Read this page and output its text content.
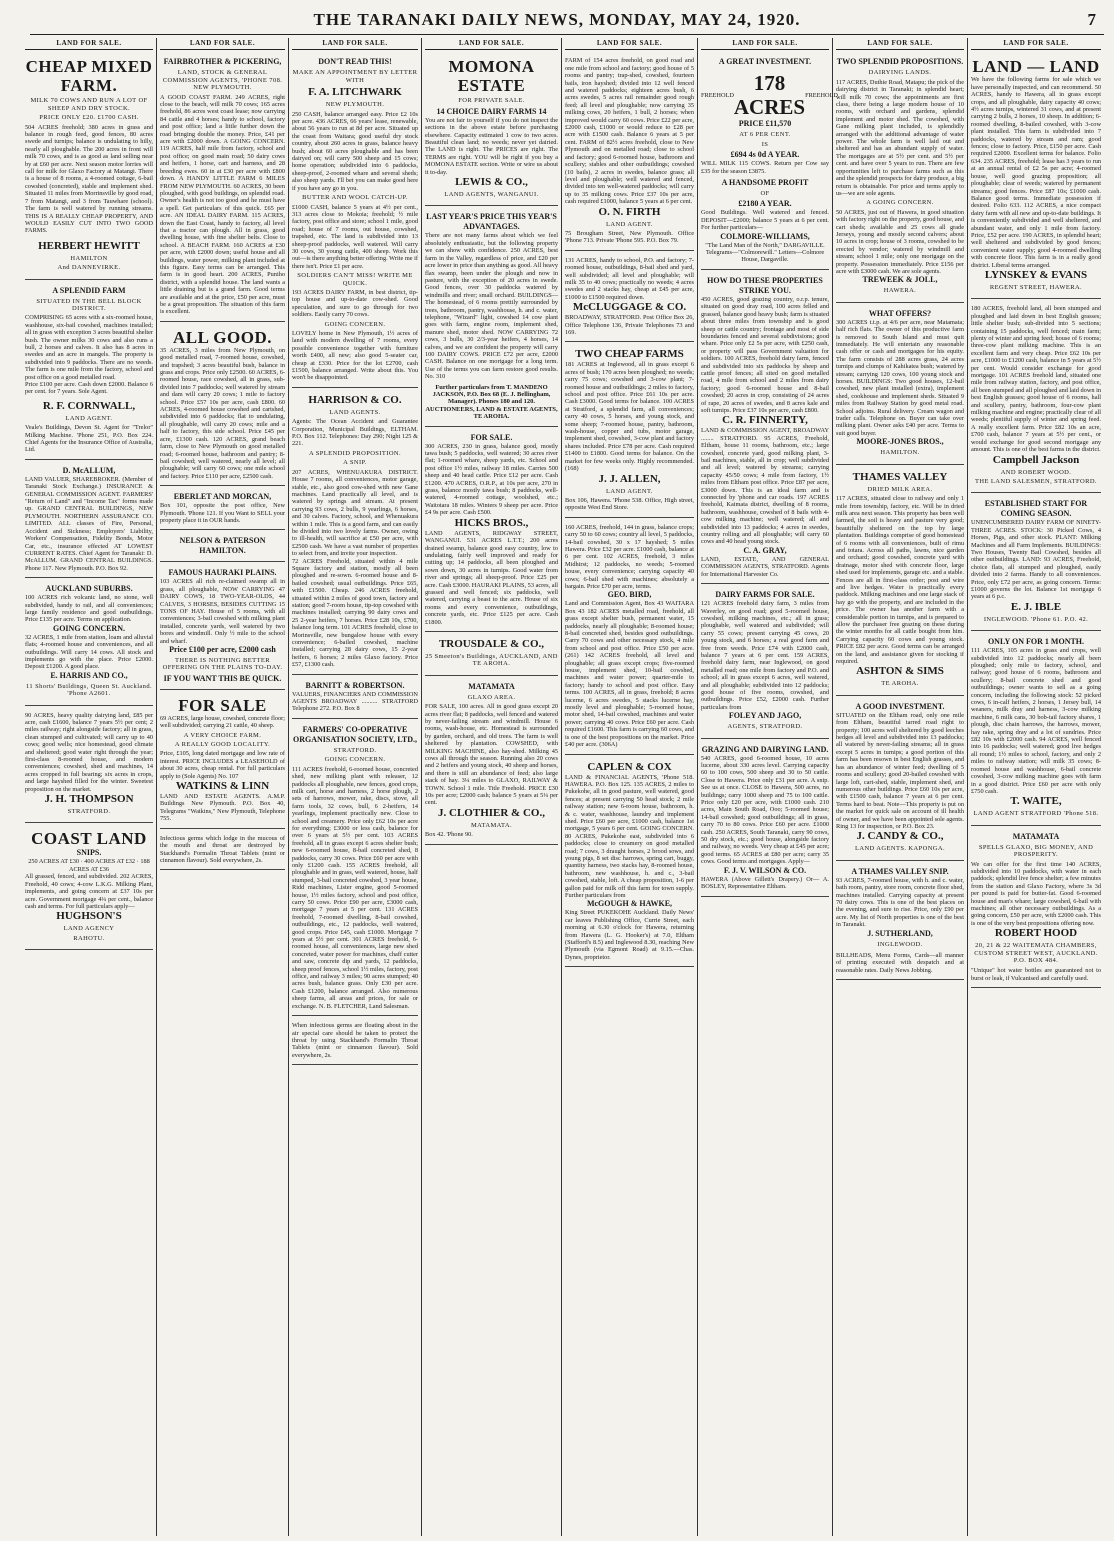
THE TARANAKI DAILY NEWS, MONDAY, MAY 24, 1920.	7
LAND FOR SALE.
CHEAP MIXED FARM.
MILK 70 COWS AND RUN A LOT OF SHEEP AND DRY STOCK.
PRICE ONLY £20. £1700 CASH.
504 ACRES freehold; 380 acres in grass and balance in rough feed, good fences, 80 acres swede and turnips; balance is undulating to hilly, nearly all ploughable. The 200 acres in front will milk 70 cows, and is as good as land selling near by at £60 per acre. Next season motor lorries will call for milk for Glaxo Factory at Matangi. There is a house of 8 rooms, a 4-roomed cottage, 6-bail cowshed (concreted), stable and implement shed. Situated 11 miles from Morrinsville by good road, 7 from Matangi, and 3 from Tauwhare (school). The farm is well watered by running streams. THIS IS A REALLY CHEAP PROPERTY, AND WOULD EASILY CUT INTO TWO GOOD FARMS.
HERBERT HEWITT
HAMILTON
And DANNEVIRKE.
A SPLENDID FARM
SITUATED IN THE BELL BLOCK DISTRICT.
COMPRISING 65 acres with a six-roomed house, washhouse, six-bail cowshed, machines installed; all in grass with exception 3 acres beautiful shelter bush. The owner milks 30 cows and also runs a bull, 2 horses and calves. It also has 8 acres in swedes and an acre in mangels. The property is subdivided into 9 paddocks. There are no weeds. The farm is one mile from the factory, school and post office on a good metalled road.
Price £100 per acre. Cash down £2000. Balance 6 per cent. for 7 years. Sole Agent.
R. F. CORNWALL,
LAND AGENT.
Veale's Buildings, Devon St. Agent for "Trelor" Milking Machine. 'Phone 251, P.O. Box 224. Chief Agents for the Insurance Office of Australia, Ltd.
D. McALLUM,
LAND VALUER, SHAREBROKER. (Member of Taranaki Stock Exchange.) INSURANCE & GENERAL COMMISSION AGENT. FARMERS' "Return of Land" and "Income Tax" forms made up. GRAND CENTRAL BUILDINGS, NEW PLYMOUTH. NORTHERN ASSURANCE CO. LIMITED. ALL classes of Fire, Personal, Accident and Sickness; Employers' Liability, Workers' Compensation, Fidelity Bonds, Motor Car, etc., insurance effected AT LOWEST CURRENT RATES. Chief Agent for Taranaki: D. McALLUM. GRAND CENTRAL BUILDINGS. Phone 117. New Plymouth. P.O. Box 92.
AUCKLAND SUBURBS.
100 ACRES rich volcanic land, no stone, well subdivided, handy to rail, and all conveniences; large family residence and good outbuildings. Price £135 per acre. Terms on application.
GOING CONCERN.
32 ACRES, 1 mile from station, loam and alluvial flats; 4-roomed house and conveniences, and all outbuildings. Will carry 14 cows. All stock and implements go with the place. Price £2000. Deposit £1200. A good place.
E. HARRIS AND CO.,
11 Shorts' Buildings, Queen St. Auckland. 'Phone A2601.
90 ACRES, heavy quality dairying land, £85 per acre, cash £1600, balance 7 years 5½ per cent; 2 miles railway; right alongside factory; all in grass, clean stumped and cultivated; will carry up to 40 cows; good wells; nice homestead, good climate and sheltered; good water right through the year; first-class 8-roomed house, and modern conveniences; cowshed, shed and machines, 14 acres cropped in full bearing; six acres in crops, and large hayshed filled for the winter. Sweetest proposition on the market.
J. H. THOMPSON
STRATFORD.
COAST LAND
SNIPS.
250 ACRES AT £30 · 400 ACRES AT £32 · 188 ACRES AT £36
All grassed, fenced, and subdivided. 202 ACRES, Freehold, 40 cows; 4-cow L.K.G. Milking Plant, implements, and going concern at £37 10s per acre. Government mortgage 4¼ per cent., balance cash and terms. For full particulars apply—
HUGHSON'S
LAND AGENCY
RAHOTU.
LAND FOR SALE.
FAIRBROTHER & PICKERING,
LAND, STOCK & GENERAL COMMISSION AGENTS, 'PHONE 708. NEW PLYMOUTH.
A GOOD COAST FARM. 249 ACRES, right close to the beach, will milk 70 cows; 165 acres freehold, 86 acres west coast lease; now carrying 84 cattle and 4 horses; handy to school, factory and post office; land a little further down the road bringing double the money. Price, £41 per acre with £2000 down. A GOING CONCERN. 119 ACRES, half mile from factory, school and post office; on good main road; 50 dairy cows and heifers, 1 horse, cart and harness, and 28 breeding ewes. 60 in at £30 per acre with £800 down. A HANDY LITTLE FARM 6 MILES FROM NEW PLYMOUTH. 60 ACRES, 30 been ploughed, with good buildings, on splendid road. Owner's health is not too good and he must have a spell. Get particulars of this quick. £65 per acre. AN IDEAL DAIRY FARM. 115 ACRES, down the East Coast, handy to factory, all level that a tractor can plough. All in grass, good dwelling house, with fine shelter belts. Close to school. A BEACH FARM. 160 ACRES at £30 per acre, with £2000 down; useful house and all buildings, water power, milking plant included at this figure. Easy terms can be arranged. This farm is in good heart. 200 ACRES, Puniho district, with a splendid house. The land wants a little draining but is a grand farm. Good terms are available and at the price, £50 per acre, must be a great proposition. The situation of this farm is excellent.
ALL GOOD.
35 ACRES, 3 miles from New Plymouth, on good metalled road, 7-roomed house, cowshed, and trapshed; 3 acres beautiful bush, balance in grass and crops. Price only £2500. 60 ACRES, 6-roomed house, race cowshed, all in grass, sub-divided into 7 paddocks; well watered by stream and dam will carry 20 cows; 1 mile to factory school. Price £57 10s per acre, cash £800. 60 ACRES, 4-roomed house cowshed and cartshed, subdivided into 6 paddocks; flat to undulating, all ploughable, will carry 20 cows; mile and a half to factory, this side school. Price £45 per acre, £1300 cash. 120 ACRES, grand beach farm, close to New Plymouth on good metalled road; 6-roomed house, bathroom and pantry; 8-bail cowshed; well watered, nearly all level; all ploughable; will carry 60 cows; one mile school and factory. Price £110 per acre, £2500 cash.
EBERLET AND MORCAN,
Box 101, opposite the post office, New Plymouth. 'Phone 121. If you Want to SELL your property place it in OUR hands.
NELSON & PATERSON
HAMILTON.
FAMOUS HAURAKI PLAINS.
103 ACRES all rich re-claimed swamp all in grass, all ploughable, NOW CARRYING 47 DAIRY COWS, 18 TWO-YEAR-OLDS, 44 CALVES, 3 HORSES, BESIDES CUTTING 15 TONS OF HAY. House of 5 rooms, with all conveniences; 3-bail cowshed with milking plant installed, concrete yards, well watered by two bores and windmill. Only ½ mile to the school and wharf.
Price £100 per acre, £2000 cash
THERE IS NOTHING BETTER OFFERING ON THE PLAINS TO-DAY.
IF YOU WANT THIS BE QUICK.
FOR SALE
69 ACRES, large house, cowshed, concrete floor; well subdivided; carrying 21 cattle, 40 sheep.
A VERY CHOICE FARM.
A REALLY GOOD LOCALITY.
Price, £105, long dated mortgage and low rate of interest. PRICE INCLUDES a LEASEHOLD of about 30 acres, cheap rental. For full particulars apply to (Sole Agents) No. 107
WATKINS & LINN
LAND AND ESTATE AGENTS. A.M.P. Buildings New Plymouth. P.O. Box 40, Telegrams "Watkins," New Plymouth, Telephone 755.
Infectious germs which lodge in the mucous of the mouth and throat are destroyed by Stackhand's Formalin Throat Tablets (mint or cinnamon flavour). Sold everywhere, 2s.
LAND FOR SALE.
DON'T READ THIS!
MAKE AN APPOINTMENT BY LETTER WITH
F. A. LITCHWARK
NEW PLYMOUTH.
250 CASH, balance arranged easy. Price £2 10s per acre. 436 ACRES, 66 years' lease, renewable, about 56 years to run at 8d per acre. Situated up the coast from Waitara; good useful dry stock country, about 260 acres in grass, balance heavy bush; about 60 acres ploughable and has been dairyed on; will carry 500 sheep and 15 cows; home operation; subdivided into 6 paddocks, sheep-proof, 2-roomed whare and several sheds; also sheep yards. I'll bet you can make good here if you have any go in you.
BUTTER AND WOOL CATCH-UP.
£1000 CASH, balance 5 years at 4½ per cent., 313 acres close to Mokoia; freehold; ½ mile factory, post office and store; school 1 mile, good road; house of 7 rooms, out house, cowshed, trapshed, etc. The land is subdivided into 13 sheep-proof paddocks, well watered. Will carry 30 cows, 30 young cattle, 400 sheep. Work this out—is there anything better offering. Write me if there isn't. Price £1 per acre.
SOLDIERS CAN'T MISS! WRITE ME QUICK.
193 ACRES DAIRY FARM, in best district, tip-top house and up-to-date cow-shed. Good speculation, and sure to go through for two soldiers. Easily carry 70 cows.
GOING CONCERN.
LOVELY home in New Plymouth, 1½ acres of land with modern dwelling of 7 rooms, every possible convenience together with furniture worth £400, all new; also good 5-seater car, cheap at £330. Price for the lot £2700, cash £1500, balance arranged. Write about this. You won't be disappointed.
HARRISON & CO.
LAND AGENTS.
Agents: The Ocean Accident and Guarantee Corporation, Municipal Buildings, ELTHAM. P.O. Box 112. Telephones: Day 290; Night 125 & 221.
A SPLENDID PROPOSITION.
A SNIP.
207 ACRES, WHENUAKURA DISTRICT. House 7 rooms, all conveniences, motor garage, stable, etc., also good cow-shed with new Gane machines. Land practically all level, and is watered by springs and stream. At present carrying 93 cows, 2 bulls, 9 yearlings, 6 horses, and 30 calves. Factory, school, and Whenuakura within 1 mile. This is a good farm, and can easily be divided into two lovely farms. Owner, owing to ill-health, will sacrifice at £50 per acre, with £2500 cash. We have a vast number of properties to select from, and invite your inspection.
72 ACRES Freehold, situated within 4 mile Square factory and station, mostly all been ploughed and re-sown. 6-roomed house and 8-bailed cowshed; usual outbuildings. Price £65, with £1500. Cheap. 246 ACRES freehold, situated within 2 miles of good town, factory and station; good 7-room house, tip-top cowshed with machines installed; carrying 90 dairy cows and 25 2-year heifers, 7 horses. Price £28 10s, £700, balance long term. 101 ACRES freehold, close to Morinsville, new bungalow house with every convenience; 6-bailed cowshed, machine installed; carrying 28 dairy cows, 15 2-year heifers, 6 horses; 2 miles Glaxo factory. Price £57, £1300 cash.
BARNITT & ROBERTSON.
VALUERS, FINANCIERS AND COMMISSION AGENTS BROADWAY .......... STRATFORD Telephone 272. P.O. Box 8
FARMERS' CO-OPERATIVE ORGANISATION SOCIETY, LTD.,
STRATFORD.
GOING CONCERN.
111 ACRES freehold, 6-roomed house, concreted shed, new milking plant with releaser, 12 paddocks all ploughable, new fences, good crops, milk cart, horse and harness, 2 horse plough, 2 sets of harrows, mower, rake, discs, stove, all farm tools, 32 cows, bull, 6 2-heifers, 14 yearlings, implement practically new. Close to school and creamery. Price only £62 10s per acre for everything; £3000 or less cash, balance for over 6 years at 5½ per cent. 103 ACRES freehold, all in grass except 6 acres shelter bush; new 6-roomed house, 8-bail concreted shed, 8 paddocks, carry 30 cows. Price £60 per acre with only £1200 cash. 155 ACRES freehold, all ploughable and in grass, well watered, house, half stumped, 3-bail concreted cowshed, 3 year house, Ridd machines, Lister engine, good 5-roomed house, 1½ miles factory, school and post office, carry 50 cows. Price £90 per acre, £3000 cash, mortgage 7 years at 5 per cent. 131 ACRES freehold, 7-roomed dwelling, 8-bail cowshed, outbuildings, etc., 12 paddocks, well watered, good crops. Price £45, cash £1000. Mortgage 7 years at 5½ per cent. 301 ACRES freehold, 6-roomed house, all conveniences, large new shed concreted, water power for machines, chaff cutter and saw, concrete dip and yards, 12 paddocks, sheep proof fences, school 1½ miles, factory, post office, and railway 3 miles; 90 acres stumped; 40 acres bush, balance grass. Only £30 per acre. Cash £1200, balance arranged. Also numerous sheep farms, all areas and prices, for sale or exchange. N. B. FLETCHER, Land Salesman.
When infectious germs are floating about in the air special care should be taken to protect the throat by using Stackhand's Formalin Throat Tablets (mint or cinnamon flavour). Sold everywhere, 2s.
LAND FOR SALE.
MOMONA ESTATE
FOR PRIVATE SALE.
14 CHOICE DAIRY FARMS 14
You are not fair to yourself if you do not inspect the sections in the above estate before purchasing elsewhere. Capacity estimated 1 cow to two acres. Beautiful clean land; no weeds; never yet dairied. The LAND is right. The PRICES are right. The TERMS are right. YOU will be right if you buy a MOMONA ESTATE section. Write or wire us about it to-day.
LEWIS & CO.,
LAND AGENTS, WANGANUI.
LAST YEAR'S PRICE THIS YEAR'S ADVANTAGES.
There are not many farms about which we feel absolutely enthusiastic, but the following property we can show with confidence. 250 ACRES, best farm in the Valley, regardless of price, and £20 per acre lower in price than anything as good. All heavy flax swamp, been under the plough and now in pasture, with the exception of 20 acres in swede. Good fences, over 30 paddocks watered by windmills and river; small orchard. BUILDINGS—The homestead, of 6 rooms prettily surrounded by trees, bathroom, pantry, washhouse, h. and c. water, telephone, "Wizard" light, cowshed 14 cow plant goes with farm, engine room, implement shed, manure shed, motor shed. NOW CARRYING 72 cows, 3 bulls, 30 2/3-year heifers, 4 horses, 14 calves, and we are confident the property will carry 100 DAIRY COWS. PRICE £72 per acre, £2000 CASH. Balance on one mortgage for a long term. Use of the terms you can farm restore good results. No. 310
Further particulars from T. MANDENO JACKSON, P.O. Box 68 (E. J. Bellingham, Manager). Phones 180 and 120. AUCTIONEERS, LAND & ESTATE AGENTS, TE AROHA.
FOR SALE.
300 ACRES, 230 in grass, balance good, mostly tawa bush; 5 paddocks, well watered; 30 acres river flat; 1-roomed whare, sheep yards, etc. School and post office 1½ miles, railway 18 miles. Carries 500 sheep and 40 head cattle. Price £12 per acre. Cash £1200. 470 ACRES, O.R.P., at 10s per acre, 270 in grass, balance mostly tawa bush; 8 paddocks, well-watered, 4-roomed cottage, woolshed, etc.; Waitotara 18 miles. Winters 9 sheep per acre. Price £4 9s per acre. Cash £500.
HICKS BROS.,
LAND AGENTS, RIDGWAY STREET, WANGANUI. 531 ACRES L.T.T.; 200 acres drained swamp, balance good easy country, low to undulating, fairly well improved and ready for cutting up; 14 paddocks, all been ploughed and sown down, 30 acres in turnips. Good water from river and springs; all sheep-proof. Price £25 per acre. Cash £3000. HAURAKI PLAINS, 53 acres, all grassed and well fenced; six paddocks, well watered, carrying a beast to the acre. House of six rooms and every convenience, outbuildings, concrete yards, etc. Price £125 per acre. Cash £1800.
TROUSDALE & CO.,
25 Smeeton's Buildings, AUCKLAND, AND TE AROHA.
MATAMATA
GLAXO AREA.
FOR SALE, 100 acres. All in good grass except 20 acres river flat; 8 paddocks, well fenced and watered by never-failing stream and windmill. House 6 rooms, wash-house, etc. Homestead is surrounded by garden, orchard, and old trees. The farm is well sheltered by plantation. COWSHED, with MILKING MACHINE, also hay-shed. Milking 45 cows all through the season. Running also 20 cows and 2 heifers and young stock, 40 sheep and horses, and there is still an abundance of feed; also large stack of hay. 3¼ miles to GLAXO, RAILWAY & TOWN. School 1 mile. Title Freehold. PRICE £30 10s per acre; £2000 cash; balance 5 years at 5¼ per cent.
J. CLOTHIER & CO.,
MATAMATA.
Box 42. 'Phone 90.
LAND FOR SALE.
FARM of 154 acres freehold, on good road and one mile from school and factory; good house of 5 rooms and pantry; trap-shed, cowshed, fourteen bails, iron hayshed; divided into 12 well fenced and watered paddocks; eighteen acres bush, 6 acres swedes, 5 acres rail remainder good rough feed; all level and ploughable; now carrying 35 milking cows, 20 heifers, 1 bull, 2 horses; when improved would carry 60 cows. Price £22 per acre, £2000 cash, £1000 or would reduce to £28 per acre with £1500 cash. Balance 6 years at 5 per cent. FARM of 82½ acres freehold, close to New Plymouth and on metalled road; close to school and factory; good 6-roomed house, bathroom and scullery; stables and other outbuildings; cowshed (10 bails), 2 acres in swedes, balance grass; all level and ploughable; well watered and fenced, divided into ten well-watered paddocks; will carry up to 35 milking cows. Price £37 10s per acre, cash required £1000, balance 5 years at 6 per cent.
O. N. FIRTH
LAND AGENT.
75 Brougham Street, New Plymouth. Office 'Phone 713. Private 'Phone 595. P.O. Box 79.
131 ACRES, handy to school, P.O. and factory; 7-roomed house, outbuildings, 8-bail shed and yard, well subdivided; all level and ploughable; will milk 35 to 40 cows; practically no weeds; 4 acres swedes and 2 stacks hay, cheap at £45 per acre, £1000 to £1500 required down.
McCLUGGAGE & CO.
BROADWAY, STRATFORD. Post Office Box 26, Office Telephone 136, Private Telephones 73 and 169.
TWO CHEAP FARMS
181 ACRES at Inglewood, all in grass except 6 acres of bush; 170 acres been ploughed; no weeds; carry 75 cows; cowshed and 3-cow plant; 7-roomed house and outbuildings; 2 miles to factory, school and post office. Price £61 10s per acre. Cash £3000. Good terms for balance. 100 ACRES at Stratford, a splendid farm, all conveniences; carry 40 cows, 5 horses, and young stock, and some sheep; 7-roomed house, pantry, bathroom, wash-house, copper and tubs, motor garage, implement shed, cowshed, 3-cow plant and factory shares included. Price £78 per acre. Cash required £1400 to £1800. Good terms for balance. On the market for few weeks only. Highly recommended. (168)
J. J. ALLEN,
LAND AGENT.
Box 106, Hawera. 'Phone 538. Office, High street, opposite West End Store.
160 ACRES, freehold, 144 in grass, balance crops; carry 50 to 60 cows; country all level, 5 paddocks, 14-bail cowshed, 30 x 17 hayshed; 5 miles Hawera. Price £32 per acre. £1000 cash, balance at 6 per cent. 102 ACRES, freehold, 3 miles Midhirst; 12 paddocks, no weeds; 5-roomed house, every convenience; carrying capacity 40 cows; 6-bail shed with machines; absolutely a bargain. Price £70 per acre, terms.
GEO. BIRD,
Land and Commission Agent, Box 43 WAITARA Box 43 182 ACRES metalled road, freehold, all grass except shelter bush, permanent water, 15 paddocks, nearly all ploughable; 8-roomed house; 8-bail concreted shed, besides good outbuildings. Carry 70 cows and other necessary stock, 4 mile from school and post office. Price £50 per acre. (261) 142 ACRES freehold, all level and ploughable; all grass except crops; five-roomed house, implement shed, 10-bail cowshed, machines and water power; quarter-mile to factory; handy to school and post office. Easy terms. 100 ACRES, all in grass, freehold; 8 acres lucerne, 6 acres swedes, 5 stacks lucerne hay, mostly level and ploughable; 5-roomed house, motor shed, 14-bail cowshed, machines and water power; carrying 40 cows. Price £60 per acre. Cash required £1600. This farm is carrying 60 cows, and is one of the best propositions on the market. Price £40 per acre. (306A)
CAPLEN & COX
LAND & FINANCIAL AGENTS, 'Phone 518. HAWERA. P.O. Box 125. 135 ACRES, 2 miles to Pukekohe, all in good pasture, well watered, good fences; at present carrying 50 head stock; 2 mile railway station; new 6-room house, bathroom, h. & c. water, washhouse, laundry and implement shed. Price £60 per acre, £1000 cash, balance 1st mortgage, 5 years 6 per cent. GOING CONCERN. 80 ACRES, Pukekohe east, subdivided into 6 paddocks; close to creamery on good metalled road; 7 cows, 3 draught horses, 2 brood sows, and young pigs, 8 set disc harrows, spring cart, buggy, quantity harness, two stacks hay, 8-roomed house, bathroom, new washhouse, h. and c., 3-bail cowshed, stable, loft. A cheap proposition, 1-6 per gallon paid for milk off this farm for town supply. Further particulars from
McGOUGH & HAWKE,
King Street PUKEKOHE Auckland. Daily News' car leaves Publishing Office, Currie Street, each morning at 6.30 o'clock for Hawera, returning from Hawera (L. G. Hooker's) at 7.0, Eltham (Stafford's 8.5) and Inglewood 8.30, reaching New Plymouth (via Egmont Road) at 9.15.—Chas. Dynes, proprietor.
LAND FOR SALE.
A GREAT INVESTMENT.
FREEHOLD 178 ACRES
FREEHOLD
PRICE £11,570
AT 6 PER CENT.
IS
£694 4s 0d A YEAR.
WILL MILK 115 COWS. Return per Cow say £35 for the season £3875.
A HANDSOME PROFIT
OF
£2180 A YEAR.
Good Buildings. Well watered and fenced. DEPOSIT—£2000; balance 5 years at 6 per cent. For further particulars—
COLMORE-WILLIAMS,
"The Land Man of the North," DARGAVILLE. Telegrams—"Colmorewill." Letters—Colmore House, Dargaville.
HOW DO THESE PROPERTIES STRIKE YOU.
450 ACRES, good grazing country, o.r.p. tenure, situated on good dray road, 100 acres felled and grassed, balance good heavy bush; farm is situated about three miles from township and is good sheep or cattle country; frontage and most of side boundaries fenced and several subdivisions; good whare. Price only £2 5s per acre, with £250 cash, or property will pass Government valuation for soldiers. 100 ACRES, freehold dairy farm, fenced and subdivided into six paddocks by sheep and cattle proof fences; all sited on good metalled road, 4 mile from school and 2 miles from dairy factory; good 6-roomed house and 8-bail cowshed; 20 acres in crop, consisting of 24 acres of rape, 20 acres of swedes, and 8 acres kale and soft turnips. Price £37 10s per acre, cash £800.
C. R. FINNERTY,
LAND & COMMISSION AGENT, BROADWAY ........ STRATFORD. 95 ACRES, Freehold, Eltham, house 11 rooms, bathroom, etc.; large cowshed, concrete yard, good milking plant, 3-bail machines, stable, all in crop; well subdivided and all level; watered by streams; carrying capacity 45/50 cows; 4 mile from factory, 1½ miles from Eltham post office. Price £87 per acre, £3000 down. This is an ideal farm and is connected by 'phone and car roads. 197 ACRES freehold, Kaimata district, dwelling of 8 rooms, bathroom, washhouse, cowshed of 8 bails with 4-cow milking machine; well watered; all and subdivided into 13 paddocks; 4 acres in swedes, country rolling and all ploughable; will carry 60 cows and 40 head young stock.
C. A. GRAY,
LAND, ESTATE, AND GENERAL COMMISSION AGENTS, STRATFORD. Agents for International Harvester Co.
DAIRY FARMS FOR SALE.
121 ACRES freehold dairy farm, 3 miles from Waverley, on good road; good 5-roomed house, cowshed, milking machines, etc.; all in grass; ploughable, well watered and subdivided; will carry 55 cows; present carrying 45 cows, 20 young stock, and 6 horses; a real good farm and free from weeds. Price £74 with £2000 cash, balance 7 years at 6 per cent. 159 ACRES, freehold dairy farm, near Inglewood, on good metalled road; one mile from factory and P.O. and school; all in grass except 6 acres, well watered, and all ploughable; subdivided into 12 paddocks; good house of five rooms, cowshed, and outbuildings. Price £52, £2000 cash. Further particulars from
FOLEY AND JAGO,
AGENTS, STRATFORD.
GRAZING AND DAIRYING LAND.
540 ACRES, good 6-roomed house, 10 acres lucerne, about 330 acres level. Carrying capacity 60 to 100 cows, 500 sheep and 30 to 50 cattle. Close to Hawera. Price only £31 per acre. A snip. See us at once. CLOSE to Hawera, 500 acres, no buildings; carry 1000 sheep and 75 to 100 cattle. Price only £20 per acre, with £1000 cash. 210 acres, Main South Road, Ooo; 5-roomed house; 14-bail cowshed; good outbuildings; all in grass, carry 70 to 80 cows. Price £60 per acre. £1000 cash. 250 ACRES, South Taranaki, carry 90 cows, 50 dry stock, etc.; good house, alongside factory and railway, no weeds. Very cheap at £45 per acre; good terms. 65 ACRES at £80 per acre; carry 35 cows. Good terms and mortgages. Apply—
F. J. V. WILSON & CO.
HAWERA (Above Gillett's Drapery.) Or— A. BOSLEY, Representative Eltham.
LAND FOR SALE.
TWO SPLENDID PROPOSITIONS.
DAIRYING LANDS.
117 ACRES, Duthie Road, Matapu; the pick of the dairying district in Taranaki; in splendid heart; will milk 70 cows; the appointments are first class, there being a large modern house of 10 rooms, with orchard and gardens, splendid implement and motor shed. The cowshed, with Gane milking plant included, is splendidly arranged with the additional advantage of water power. The whole farm is well laid out and sheltered and has an abundant supply of water. The mortgages are at 5½ per cent. and 5½ per cent. and have over 5 years to run. There are few opportunities left to purchase farms such as this and the splendid prospects for dairy produce, a big return is obtainable. For price and terms apply to us—we are sole agents.
A GOING CONCERN.
50 ACRES, just out of Hawera, in good situation with factory right on the property, good house, and cart sheds; available and 25 cows all grade Jerseys, young and mostly second calvers; about 10 acres in crop; house of 3 rooms, cowshed to be erected by vendor; watered by windmill and stream; school 1 mile; only one mortgage on the property. Possession immediately. Price £156 per acre with £3000 cash. We are sole agents.
TREWEEK & JOLL,
HAWERA.
WHAT OFFERS?
300 ACRES t.t.p. at 4/6 per acre, near Matamata; half rich flats. The owner of this productive farm is removed to South Island and must quit immediately. He will entertain any reasonable cash offer or cash and mortgages for his equity. The farm consists of 288 acres grass, 24 acres turnips and clumps of Kahikatea bush; watered by stream; carrying 120 cows, 100 young stock and horses. BUILDINGS: Two good houses, 12-bail cowshed, new plant installed (extra), implement shed, cookhouse and implement sheds. Situated 9 miles from Railway Station by good metal road. School adjoins. Rural delivery. Cream wagon and trader calls. Telephone on. Buyer can take over milking plant. Owner asks £40 per acre. Terms to suit good buyer.
MOORE-JONES BROS.,
HAMILTON.
THAMES VALLEY
DRIED MILK AREA.
117 ACRES, situated close to railway and only 1 mile from township, factory, etc. Will be in dried milk area next season. This property has been well farmed, the soil is heavy and pasture very good; beautifully sheltered on the top by large plantation. Buildings comprise of good homestead of 6 rooms with all conveniences, built of rimu and totara. Across all paths, lawns, nice garden and orchard; good cowshed, concrete yard with drainage, motor shed with concrete floor, large shed used for implements, garage etc. and a stable. Fences are all in first-class order; post and wire and live hedges. Water is practically every paddock. Milking machines and one large stack of hay go with the property, and are included in the price. The owner has another farm with a considerable portion in turnips, and is prepared to allow the purchaser free grazing on these during the winter months for all cattle bought from him. Carrying capacity 60 cows and young stock. PRICE £82 per acre. Good terms can be arranged on the land, and assistance given for stocking if required.
ASHTON & SIMS
TE AROHA.
A GOOD INVESTMENT.
SITUATED on the Eltham road, only one mile from Eltham, beautiful tarred road right to property; 100 acres well sheltered by good leeches hedges all level and subdivided into 13 paddocks; all watered by never-failing streams; all in grass except 5 acres in turnips; a good portion of this farm has been resown in best English grasses, and has an abundance of winter feed; dwelling of 5 rooms and scullery; good 20-bailed cowshed with large loft, cart-shed, stable, implement shed, and numerous other buildings. Price £60 10s per acre, with £1500 cash, balance 7 years at 6 per cent. Terms hard to beat. Note—This property is put on the market for quick sale on account of ill health of owner, and we have been appointed sole agents. Ring 13 for inspection, or P.O. Box 23.
J. CANDY & CO.,
LAND AGENTS. KAPONGA.
A THAMES VALLEY SNIP.
93 ACRES, 7-roomed house, with h. and c. water, bath room, pantry, store room, concrete floor shed, machines installed. Carrying capacity at present 70 dairy cows. This is one of the best places on the evening, and sure to rise. Price, only £90 per acre. My list of North properties is one of the best in Taranaki.
J. SUTHERLAND,
INGLEWOOD.
BILLHEADS, Menu Forms, Cards—all manner of printing executed with despatch and at reasonable rates. Daily News Jobbing.
LAND FOR SALE.
LAND — LAND
We have the following farms for sale which we have personally inspected, and can recommend. 50 ACRES, handy to Hawera, all in grass except crops, and all ploughable, dairy capacity 40 cows; 4½ acres turnips, wintered 31 cows, and at present carrying 2 bulls, 2 horses, 10 sheep. In addition; 6-roomed dwelling, 8-bailed cowshed, with 3-cow plant installed. This farm is subdivided into 7 paddocks, watered by stream and ram; good fences; close to factory. Price, £150 per acre. Cash required £2000. Excellent terms for balance. Folio 634. 235 ACRES, freehold; lease has 3 years to run at an annual rental of £2 5s per acre; 4-roomed house, well good grazing proposition; all ploughable; clear of weeds; watered by permanent streams; good fences. Price £87 10s; £1000 cash. Balance good terms. Immediate possession if desired. Folio 633. 112 ACRES, a nice compact dairy farm with all new and up-to-date buildings. It is conveniently subdivided and well sheltered, and abundant water, and only 1 mile from factory. Price, £52 per acre. 190 ACRES, in splendid heart; well sheltered and subdivided by good fences; convenient water supply; good 4-roomed dwelling with concrete floor. This farm is in a really good district. Liberal terms arranged.
LYNSKEY & EVANS
REGENT STREET, HAWERA.
180 ACRES, freehold land, all been stumped and ploughed and laid down in best English grasses; little shelter bush; sub-divided into 5 sections; containing 15 paddocks, well fenced; main farm; plenty of winter and spring feed; house of 6 rooms; three-cow plant milking machine. This is an excellent farm and very cheap. Price £62 10s per acre, £1000 to £1200 cash, balance in 5 years at 5½ per cent. Would consider exchange for good mortgage. 101 ACRES freehold land, situated one mile from railway station, factory, and post office, all been stumped and all ploughed and laid down in best English grasses; good house of 6 rooms, hall and scullery, pantry, bathroom, four-cow plant milking machine and engine; practically clear of all weeds; plentiful supply of winter and spring feed. A really excellent farm. Price £82 10s an acre, £700 cash, balance 7 years at 5½ per cent., or would exchange for good second mortgage any amount. This is one of the best farms in the district.
Campbell Jackson
AND ROBERT WOOD.
THE LAND SALESMEN, STRATFORD.
ESTABLISHED START FOR COMING SEASON.
UNENCUMBERED DAIRY FARM OF NINETY-THREE ACRES. STOCK: 30 Picked Cows, 4 Horses, Pigs, and other stock. PLANT: Milking Machines and all Farm Implements. BUILDINGS: Two Houses, Twenty Bail Cowshed, besides all other outbuildings. LAND: 93 ACRES, Freehold, choice flats, all stumped and ploughed, easily divided into 2 farms. Handy to all conveniences. Price, only £72 per acre, as going concern. Terms: £1000 governs the lot. Balance 1st mortgage 6 years at 6 p.c.
E. J. IBLE
INGLEWOOD. 'Phone 61. P.O. 42.
ONLY ON FOR 1 MONTH.
111 ACRES, 105 acres in grass and crops, well subdivided into 12 paddocks; nearly all been ploughed; only mile to factory, school, and railway; good house of 6 rooms, bathroom and scullery; 8-bail concrete shed and good outbuildings; owner wants to sell as a going concern, including the following stock: 52 picked cows, 6 in-calf heifers, 2 horses, 1 Jersey bull, 14 weaners, milk dray and harness, 3-cow milking machine, 6 milk cans, 30 bob-tail factory shares, 1 plough, disc chain harrows, the harrows, mower, hay rake, spring dray and a lot of sundries. Price £82 10s with £2000 cash. 94 ACRES, well fenced into 16 paddocks; well watered; good live hedges all round; 1½ miles to school, factory, and only 2 miles to railway station; will milk 35 cows; 8-roomed house and washhouse, 6-bail concrete cowshed, 3-cow milking machine goes with farm in a good district. Price £60 per acre with only £750 cash.
T. WAITE,
LAND AGENT STRATFORD 'Phone 518.
MATAMATA
SPELLS GLAXO, BIG MONEY, AND PROSPERITY.
We can offer for the first time 140 ACRES, subdivided into 10 paddocks, with water in each paddock; splendid live fence shelter; a few minutes from the station and Glaxo Factory, where 3s 3d per pound is paid for butter-fat. Good 6-roomed house and man's whare; large cowshed, 6-bail with machines; all other necessary outbuildings. As a going concern, £50 per acre, with £2000 cash. This is one of the very best propositions offering now.
ROBERT HOOD
20, 21 & 22 WAITEMATA CHAMBERS, CUSTOM STREET WEST, AUCKLAND. P.O. BOX 484.
"Unique" hot water bottles are guaranteed not to burst or leak, if Vulcanised and carefully used.
